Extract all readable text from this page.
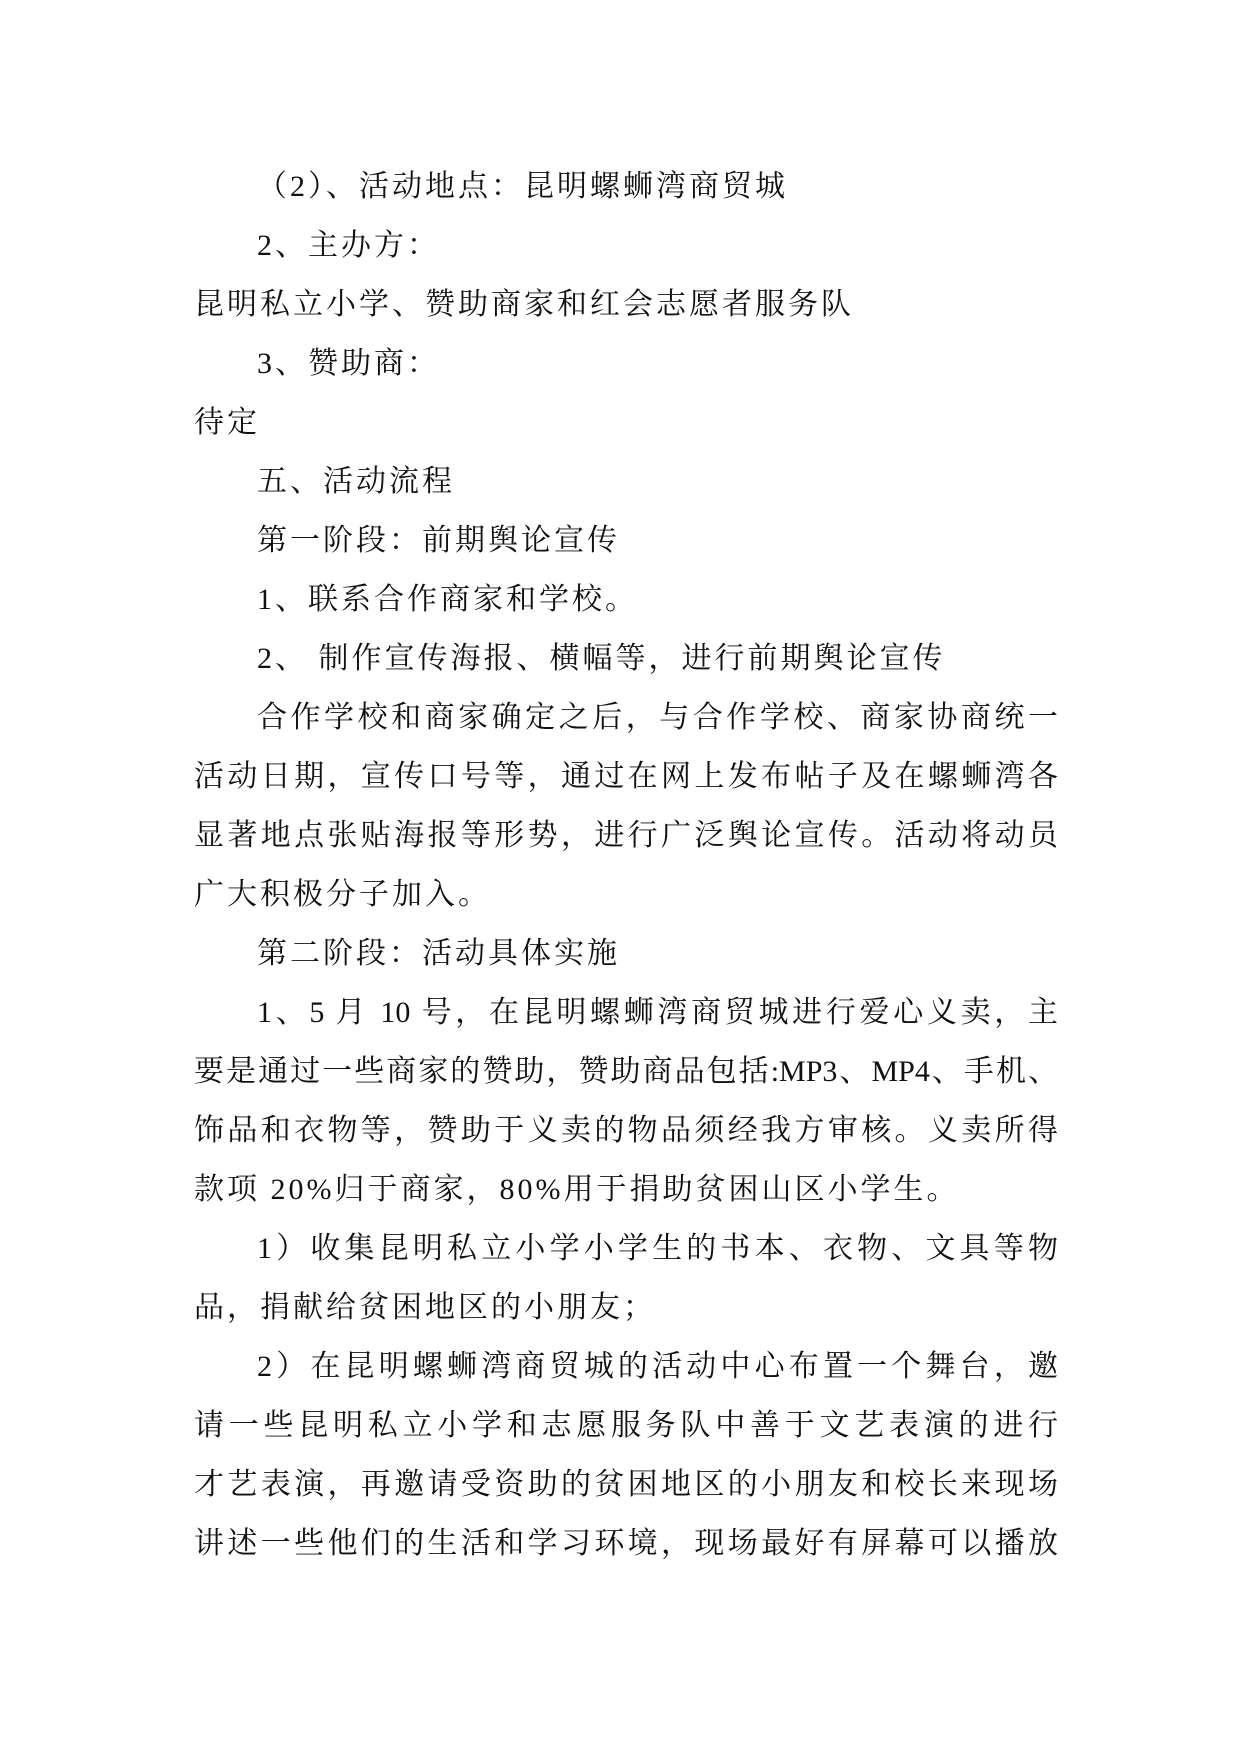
（2）、活动地点：昆明螺蛳湾商贸城
2、主办方：
昆明私立小学、赞助商家和红会志愿者服务队
3、赞助商：
待定
五、活动流程
第一阶段：前期舆论宣传
1、联系合作商家和学校。
2、 制作宣传海报、横幅等，进行前期舆论宣传
合作学校和商家确定之后，与合作学校、商家协商统一
活动日期，宣传口号等，通过在网上发布帖子及在螺蛳湾各
显著地点张贴海报等形势，进行广泛舆论宣传。活动将动员
广大积极分子加入。
第二阶段：活动具体实施
1、5 月 10 号，在昆明螺蛳湾商贸城进行爱心义卖，主
要是通过一些商家的赞助，赞助商品包括:MP3、MP4、手机、
饰品和衣物等，赞助于义卖的物品须经我方审核。义卖所得
款项 20%归于商家，80%用于捐助贫困山区小学生。
1）收集昆明私立小学小学生的书本、衣物、文具等物
品，捐献给贫困地区的小朋友；
2）在昆明螺蛳湾商贸城的活动中心布置一个舞台，邀
请一些昆明私立小学和志愿服务队中善于文艺表演的进行
才艺表演，再邀请受资助的贫困地区的小朋友和校长来现场
讲述一些他们的生活和学习环境，现场最好有屏幕可以播放
